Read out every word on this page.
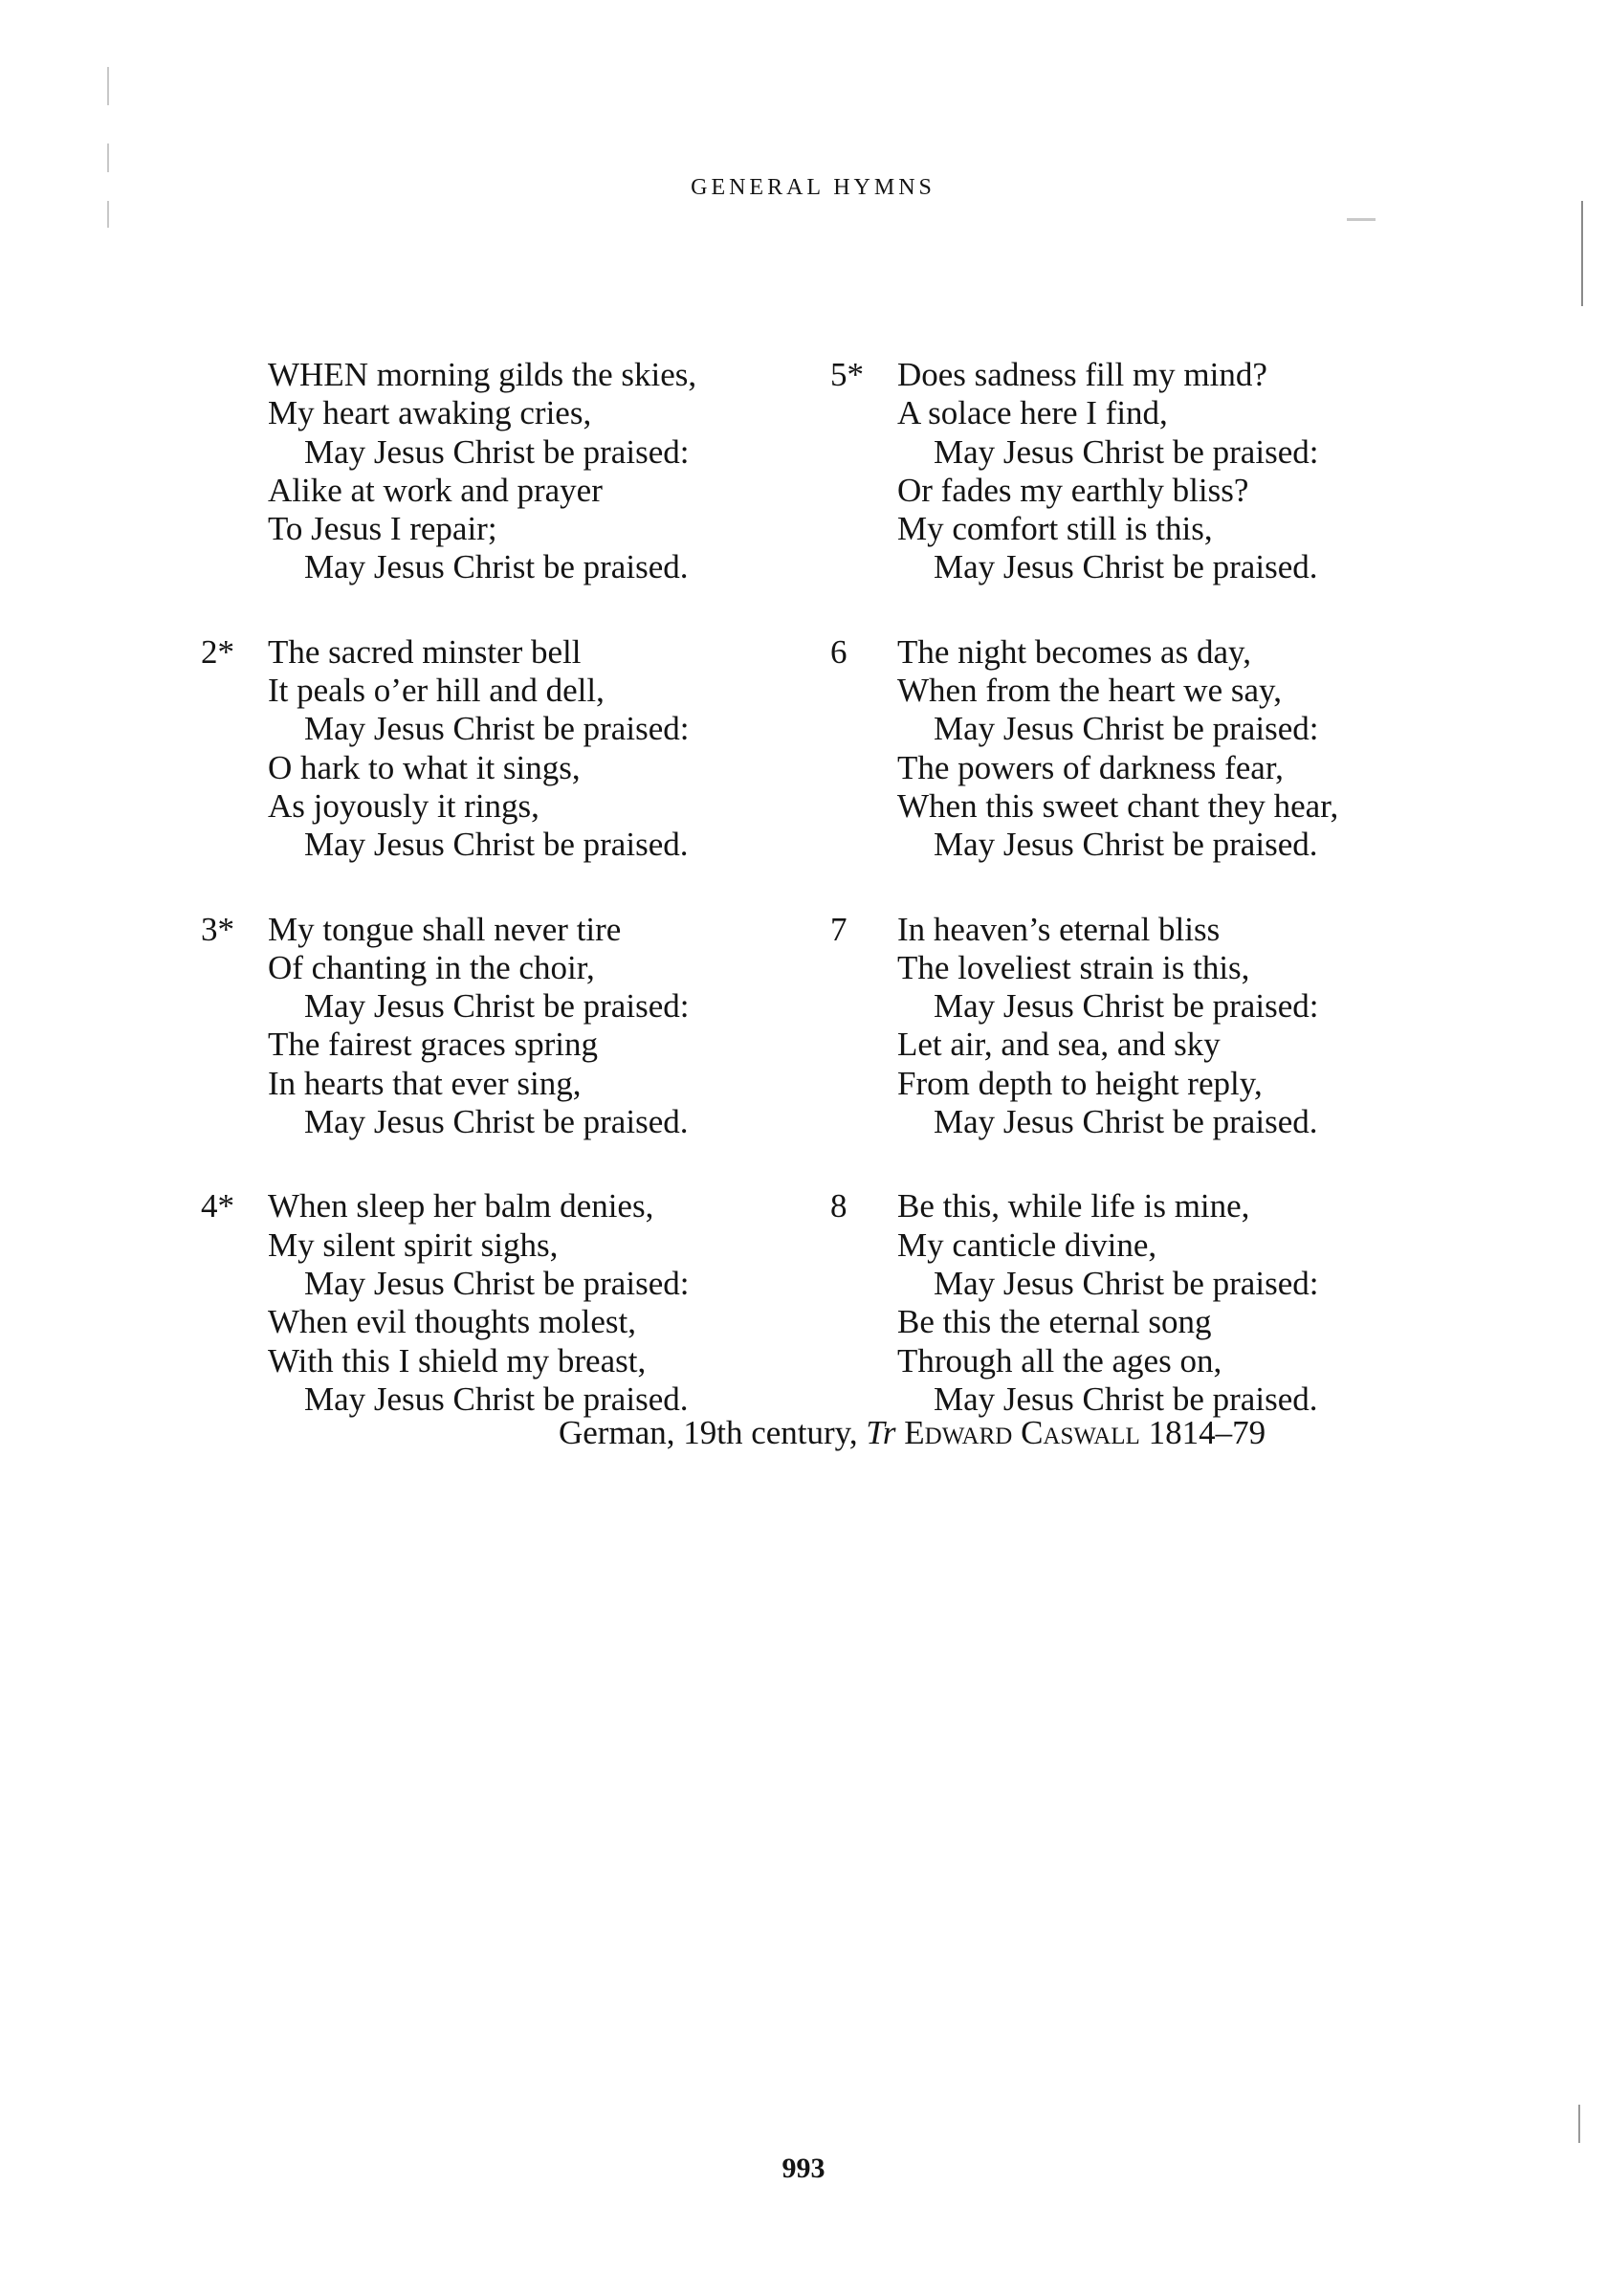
GENERAL HYMNS
WHEN morning gilds the skies,
My heart awaking cries,
May Jesus Christ be praised:
Alike at work and prayer
To Jesus I repair;
May Jesus Christ be praised.
2*	The sacred minster bell
It peals o’er hill and dell,
May Jesus Christ be praised:
O hark to what it sings,
As joyously it rings,
May Jesus Christ be praised.
3*	My tongue shall never tire
Of chanting in the choir,
May Jesus Christ be praised:
The fairest graces spring
In hearts that ever sing,
May Jesus Christ be praised.
4*	When sleep her balm denies,
My silent spirit sighs,
May Jesus Christ be praised:
When evil thoughts molest,
With this I shield my breast,
May Jesus Christ be praised.
5*	Does sadness fill my mind?
A solace here I find,
May Jesus Christ be praised:
Or fades my earthly bliss?
My comfort still is this,
May Jesus Christ be praised.
6	The night becomes as day,
When from the heart we say,
May Jesus Christ be praised:
The powers of darkness fear,
When this sweet chant they hear,
May Jesus Christ be praised.
7	In heaven’s eternal bliss
The loveliest strain is this,
May Jesus Christ be praised:
Let air, and sea, and sky
From depth to height reply,
May Jesus Christ be praised.
8	Be this, while life is mine,
My canticle divine,
May Jesus Christ be praised:
Be this the eternal song
Through all the ages on,
May Jesus Christ be praised.
German, 19th century, Tr Edward Caswall 1814–79
993
